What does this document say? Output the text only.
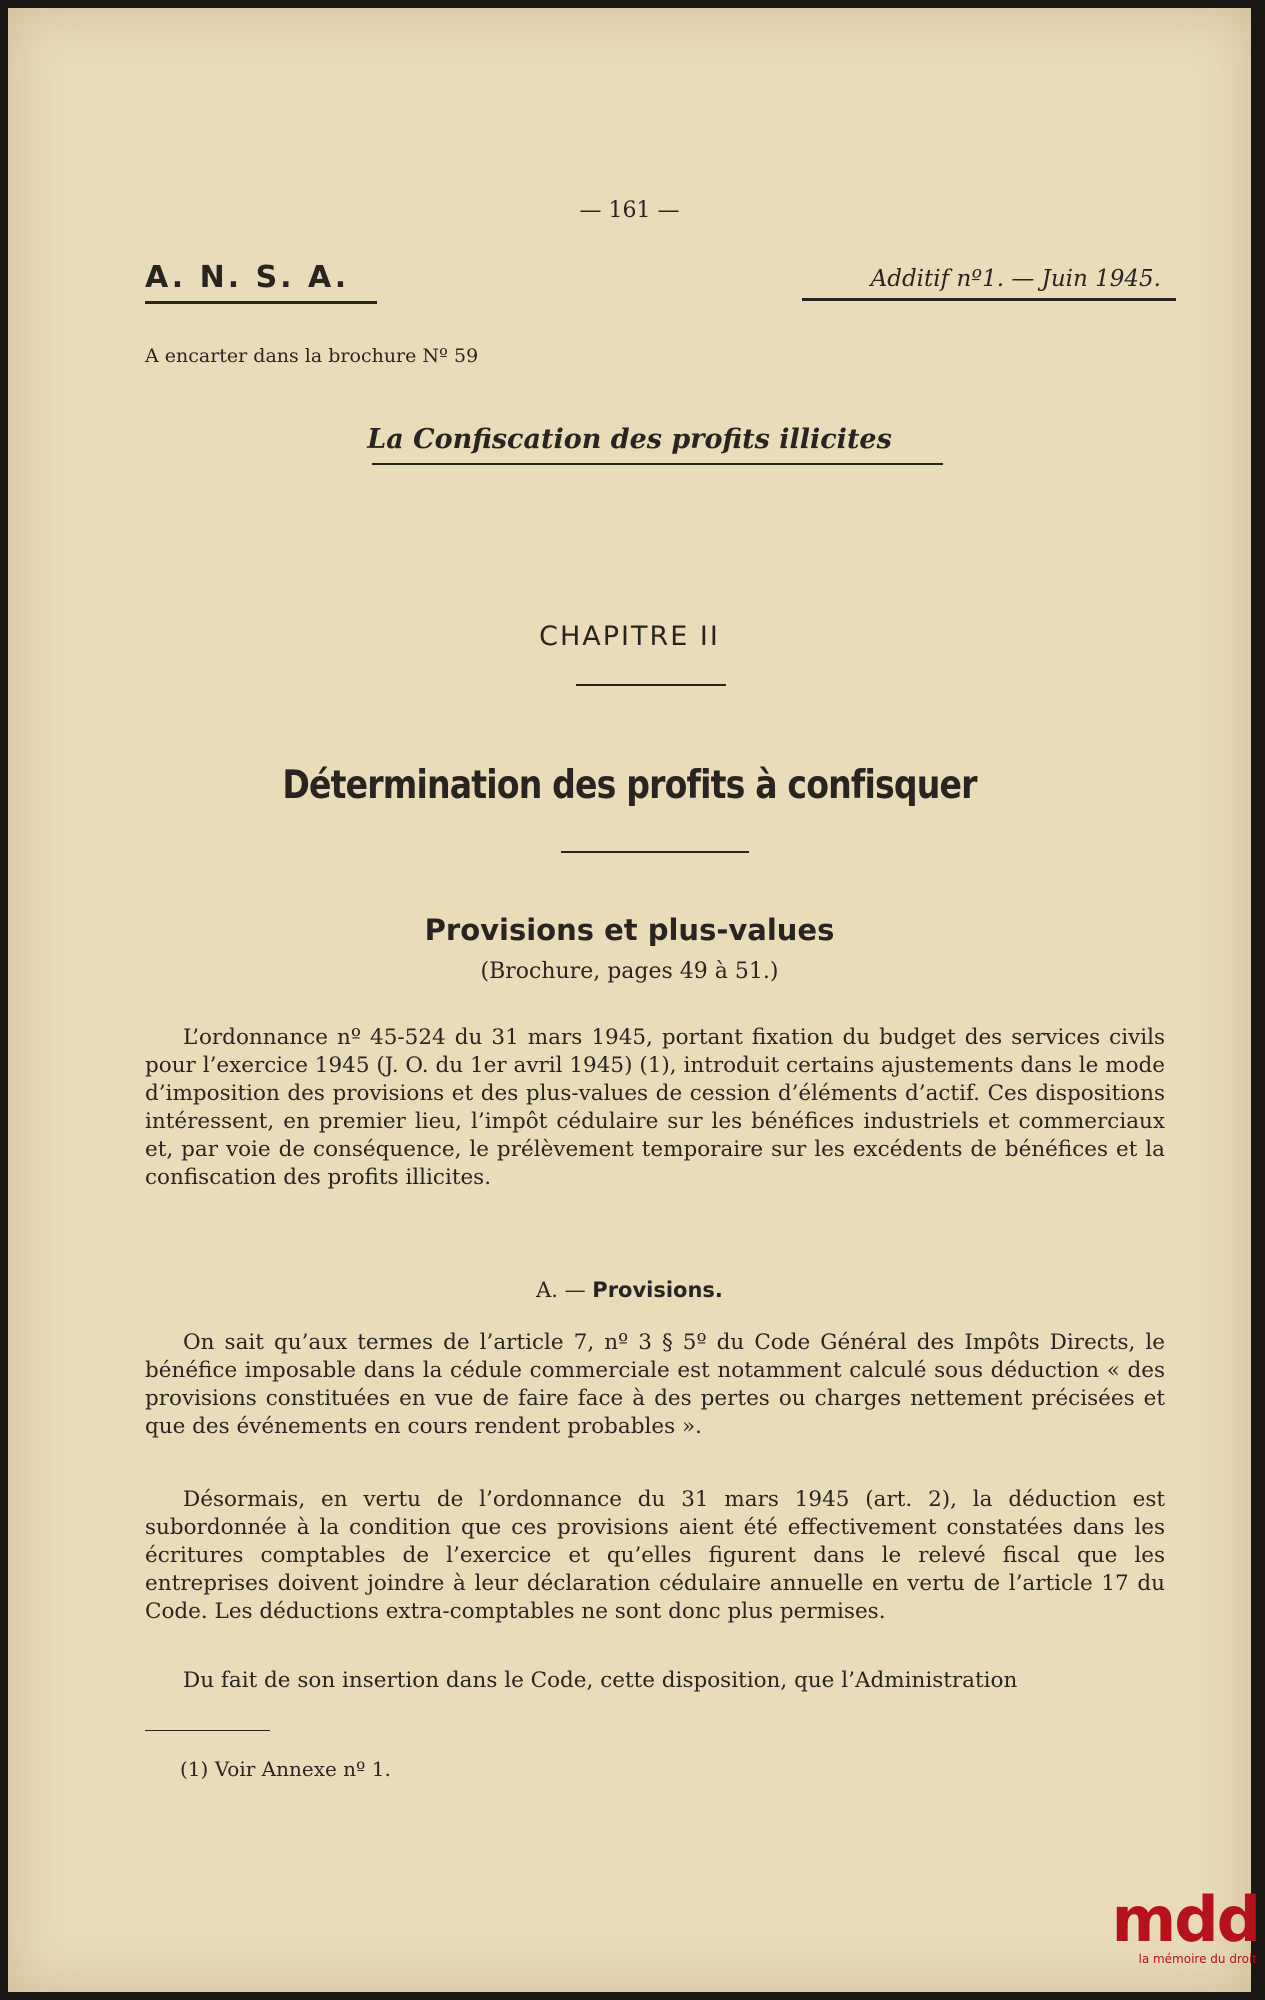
— 161 —
A. N. S. A.	Additif nº1. — Juin 1945.
A encarter dans la brochure Nº 59
La Confiscation des profits illicites
CHAPITRE II
Détermination des profits à confisquer
Provisions et plus-values
(Brochure, pages 49 à 51.)
L’ordonnance nº 45-524 du 31 mars 1945, portant fixation du budget des services civils pour l’exercice 1945 (J. O. du 1er avril 1945) (1), introduit certains ajustements dans le mode d’imposition des provisions et des plus-values de cession d’éléments d’actif. Ces dispositions intéressent, en premier lieu, l’impôt cédulaire sur les bénéfices industriels et commerciaux et, par voie de conséquence, le prélèvement temporaire sur les excédents de bénéfices et la confiscation des profits illicites.
A. — Provisions.
On sait qu’aux termes de l’article 7, nº 3 § 5º du Code Général des Impôts Directs, le bénéfice imposable dans la cédule commerciale est notamment calculé sous déduction « des provisions constituées en vue de faire face à des pertes ou charges nettement précisées et que des événements en cours rendent probables ».
Désormais, en vertu de l’ordonnance du 31 mars 1945 (art. 2), la déduction est subordonnée à la condition que ces provisions aient été effectivement constatées dans les écritures comptables de l’exercice et qu’elles figurent dans le relevé fiscal que les entreprises doivent joindre à leur déclaration cédulaire annuelle en vertu de l’article 17 du Code. Les déductions extra-comptables ne sont donc plus permises.
Du fait de son insertion dans le Code, cette disposition, que l’Administration
(1) Voir Annexe nº 1.
mdd
la mémoire du droit
